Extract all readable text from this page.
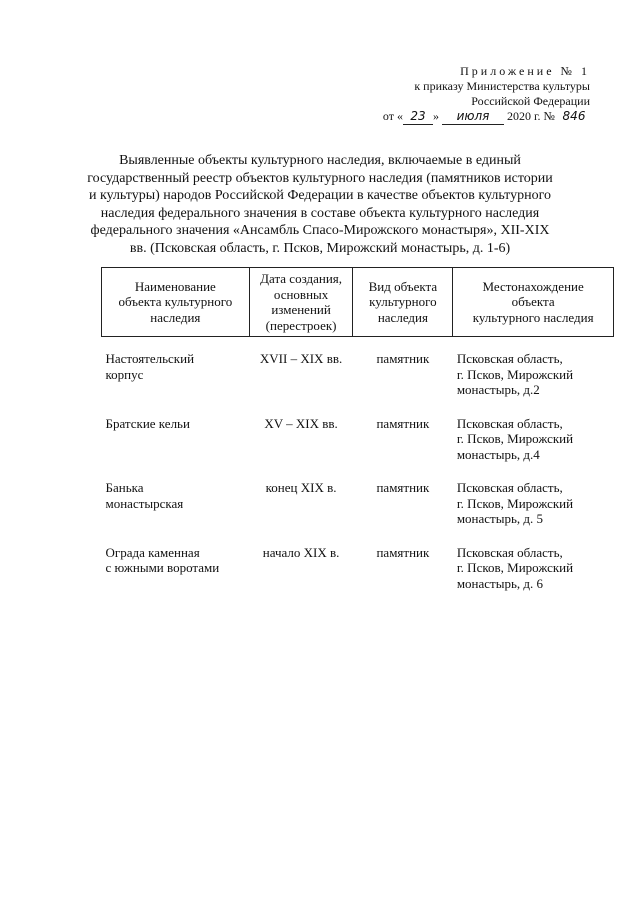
Приложение № 1
к приказу Министерства культуры
Российской Федерации
от « 23 » июля 2020 г. № 846
Выявленные объекты культурного наследия, включаемые в единый
государственный реестр объектов культурного наследия (памятников истории
и культуры) народов Российской Федерации в качестве объектов культурного
наследия федерального значения в составе объекта культурного наследия
федерального значения «Ансамбль Спасо-Мирожского монастыря», XII-XIX
вв. (Псковская область, г. Псков, Мирожский монастырь, д. 1-6)
Наименование
объекта культурного
наследия	Дата создания,
основных
изменений
(перестроек)	Вид объекта
культурного
наследия	Местонахождение
объекта
культурного наследия

Настоятельский
корпус	XVII – XIX вв.	памятник	Псковская область,
г. Псков, Мирожский
монастырь, д.2

Братские кельи	XV – XIX вв.	памятник	Псковская область,
г. Псков, Мирожский
монастырь, д.4

Банька
монастырская	конец XIX в.	памятник	Псковская область,
г. Псков, Мирожский
монастырь, д. 5

Ограда каменная
с южными воротами	начало XIX в.	памятник	Псковская область,
г. Псков, Мирожский
монастырь, д. 6
